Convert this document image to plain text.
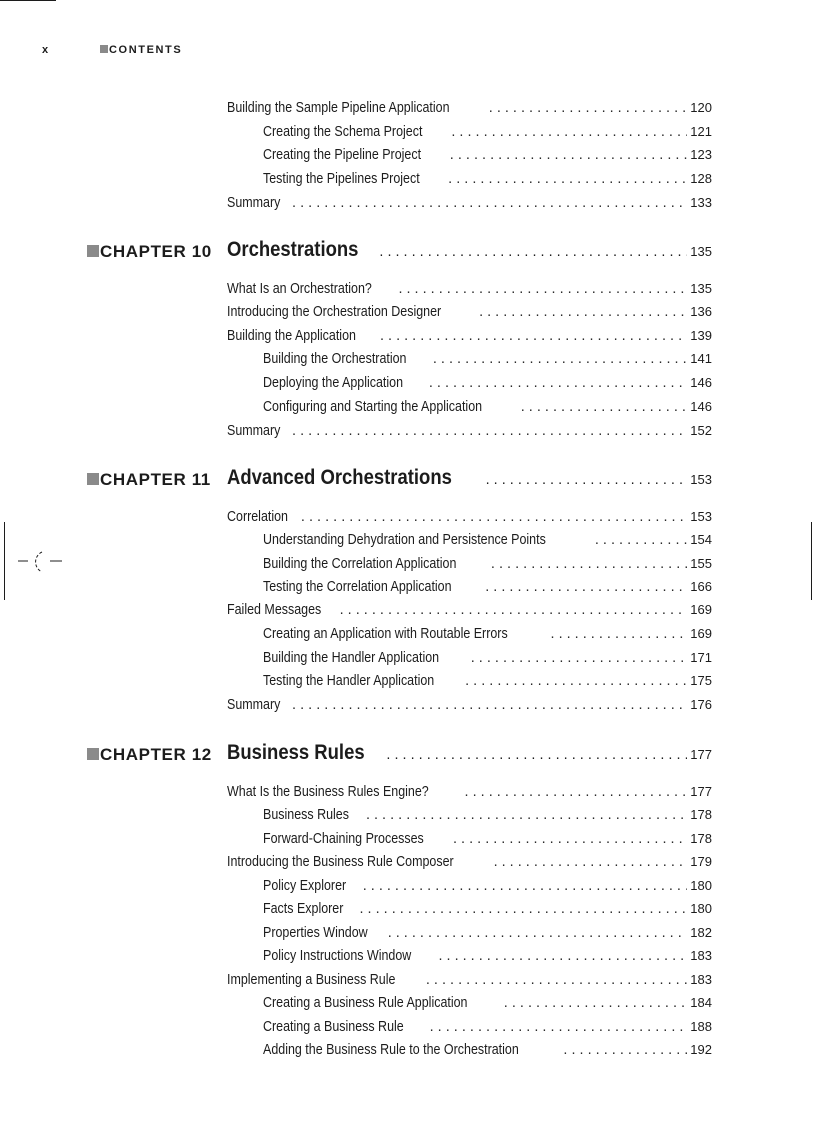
x	CONTENTS
Building the Sample Pipeline Application . . .	120
Creating the Schema Project . . .	121
Creating the Pipeline Project . . .	123
Testing the Pipelines Project . . .	128
Summary . . .	133
CHAPTER 10 Orchestrations . . .	135
What Is an Orchestration? . . .	135
Introducing the Orchestration Designer . . .	136
Building the Application . . .	139
Building the Orchestration . . .	141
Deploying the Application . . .	146
Configuring and Starting the Application . . .	146
Summary . . .	152
CHAPTER 11 Advanced Orchestrations . . .	153
Correlation . . .	153
Understanding Dehydration and Persistence Points . . .	154
Building the Correlation Application . . .	155
Testing the Correlation Application . . .	166
Failed Messages . . .	169
Creating an Application with Routable Errors . . .	169
Building the Handler Application . . .	171
Testing the Handler Application . . .	175
Summary . . .	176
CHAPTER 12 Business Rules . . .	177
What Is the Business Rules Engine? . . .	177
Business Rules . . .	178
Forward-Chaining Processes . . .	178
Introducing the Business Rule Composer . . .	179
Policy Explorer . . .	180
Facts Explorer . . .	180
Properties Window . . .	182
Policy Instructions Window . . .	183
Implementing a Business Rule . . .	183
Creating a Business Rule Application . . .	184
Creating a Business Rule . . .	188
Adding the Business Rule to the Orchestration . . .	192
